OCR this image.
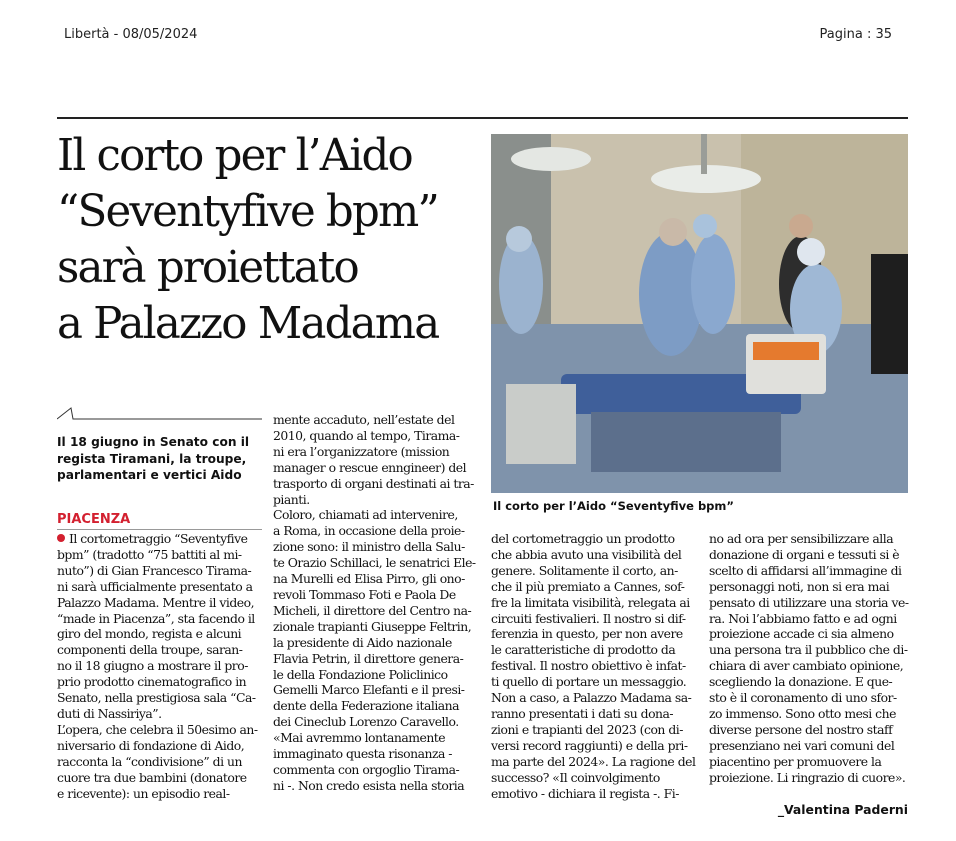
Libertà - 08/05/2024	Pagina : 35
Il corto per l’Aido
“Seventyfive bpm”
sarà proiettato
a Palazzo Madama
Il corto per l’Aido “Seventyfive bpm”
Il 18 giugno in Senato con il
regista Tiramani, la troupe,
parlamentari e vertici Aido
PIACENZA

Il cortometraggio “Seventyfive

bpm” (tradotto “75 battiti al mi-

nuto”) di Gian Francesco Tirama-

ni sarà ufficialmente presentato a

Palazzo Madama. Mentre il video,

“made in Piacenza”, sta facendo il

giro del mondo, regista e alcuni

componenti della troupe, saran-

no il 18 giugno a mostrare il pro-

prio prodotto cinematografico in

Senato, nella prestigiosa sala “Ca-

duti di Nassiriya”.

L’opera, che celebra il 50esimo an-

niversario di fondazione di Aido,

racconta la “condivisione” di un

cuore tra due bambini (donatore

e ricevente): un episodio real-

mente accaduto, nell’estate del

2010, quando al tempo, Tirama-

ni era l’organizzatore (mission

manager o rescue enngineer) del

trasporto di organi destinati ai tra-

pianti.

Coloro, chiamati ad intervenire,

a Roma, in occasione della proie-

zione sono: il ministro della Salu-

te Orazio Schillaci, le senatrici Ele-

na Murelli ed Elisa Pirro, gli ono-

revoli Tommaso Foti e Paola De

Micheli, il direttore del Centro na-

zionale trapianti Giuseppe Feltrin,

la presidente di Aido nazionale

Flavia Petrin, il direttore genera-

le della Fondazione Policlinico

Gemelli Marco Elefanti e il presi-

dente della Federazione italiana

dei Cineclub Lorenzo Caravello.

«Mai avremmo lontanamente

immaginato questa risonanza -

commenta con orgoglio Tirama-

ni -. Non credo esista nella storia

del cortometraggio un prodotto

che abbia avuto una visibilità del

genere. Solitamente il corto, an-

che il più premiato a Cannes, sof-

fre la limitata visibilità, relegata ai

circuiti festivalieri. Il nostro si dif-

ferenzia in questo, per non avere

le caratteristiche di prodotto da

festival. Il nostro obiettivo è infat-

ti quello di portare un messaggio.

Non a caso, a Palazzo Madama sa-

ranno presentati i dati su dona-

zioni e trapianti del 2023 (con di-

versi record raggiunti) e della pri-

ma parte del 2024». La ragione del

successo? «Il coinvolgimento

emotivo - dichiara il regista -. Fi-

no ad ora per sensibilizzare alla

donazione di organi e tessuti si è

scelto di affidarsi all’immagine di

personaggi noti, non si era mai

pensato di utilizzare una storia ve-

ra. Noi l’abbiamo fatto e ad ogni

proiezione accade ci sia almeno

una persona tra il pubblico che di-

chiara di aver cambiato opinione,

scegliendo la donazione. E que-

sto è il coronamento di uno sfor-

zo immenso. Sono otto mesi che

diverse persone del nostro staff

presenziano nei vari comuni del

piacentino per promuovere la

proiezione. Li ringrazio di cuore».

_Valentina Paderni
